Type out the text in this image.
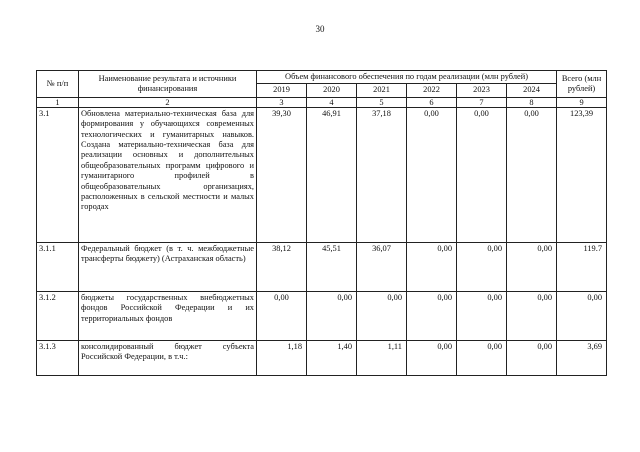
30
№ п/п	Наименование результата и источники финансирования	Объем финансового обеспечения по годам реализации (млн рублей)						Всего (млн рублей)
		2019	2020	2021	2022	2023	2024	
1	2	3	4	5	6	7	8	9
3.1	Обновлена материально-техническая база для формирования у обучающихся современных технологических и гуманитарных навыков. Создана материально-техническая база для реализации основных и дополнительных общеобразовательных программ цифрового и гуманитарного профилей в общеобразовательных организациях, расположенных в сельской местности и малых городах	39,30	46,91	37,18	0,00	0,00	0,00	123,39
3.1.1	Федеральный бюджет (в т. ч. межбюджетные трансферты бюджету) (Астраханская область)	38,12	45,51	36,07	0,00	0,00	0,00	119.7
3.1.2	бюджеты государственных внебюджетных фондов Российской Федерации и их территориальных фондов	0,00	0,00	0,00	0,00	0,00	0,00	0,00
3.1.3	консолидированный бюджет субъекта Российской Федерации, в т.ч.:	1,18	1,40	1,11	0,00	0,00	0,00	3,69
